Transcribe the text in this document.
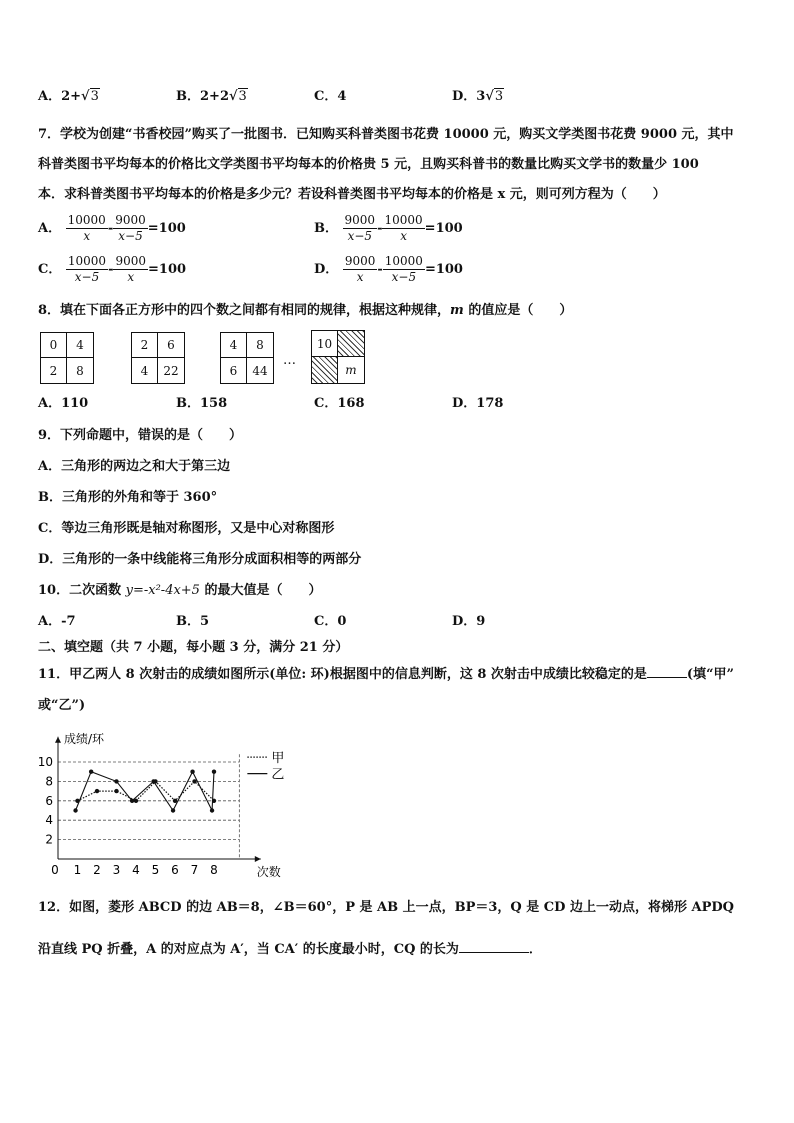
A．2+√3	B．2+2√3	C．4	D．3√3
7．学校为创建“书香校园”购买了一批图书．已知购买科普类图书花费 10000 元，购买文学类图书花费 9000 元，其中
科普类图书平均每本的价格比文学类图书平均每本的价格贵 5 元，且购买科普书的数量比购买文学书的数量少 100
本．求科普类图书平均每本的价格是多少元？若设科普类图书平均每本的价格是 x 元，则可列方程为（　　）
A． $\frac{10000}{x} - \frac{9000}{x-5} =100$	B． $\frac{9000}{x-5} - \frac{10000}{x} =100$
C． $\frac{10000}{x-5} - \frac{9000}{x} =100$	D． $\frac{9000}{x} - \frac{10000}{x-5} =100$
8．填在下面各正方形中的四个数之间都有相同的规律，根据这种规律，m 的值应是（　　）
0	4
2	8
2	6
4	22
4	8
6	44
…
10
m
A．110	B．158	C．168	D．178
9．下列命题中，错误的是（　　）
A．三角形的两边之和大于第三边
B．三角形的外角和等于 360°
C．等边三角形既是轴对称图形，又是中心对称图形
D．三角形的一条中线能将三角形分成面积相等的两部分
10．二次函数 y=-x²-4x+5 的最大值是（　　）
A．-7	B．5	C．0	D．9
二、填空题（共 7 小题，每小题 3 分，满分 21 分）
11．甲乙两人 8 次射击的成绩如图所示(单位: 环)根据图中的信息判断，这 8 次射击中成绩比较稳定的是	(填“甲”
或“乙”)
2
4
6
8
10
0 1 2 3 4 5 6 7 8
成绩/环
次数
甲
乙
12．如图，菱形 ABCD 的边 AB＝8，∠B＝60°，P 是 AB 上一点，BP＝3，Q 是 CD 边上一动点，将梯形 APDQ
沿直线 PQ 折叠，A 的对应点为 A′，当 CA′ 的长度最小时，CQ 的长为	．
